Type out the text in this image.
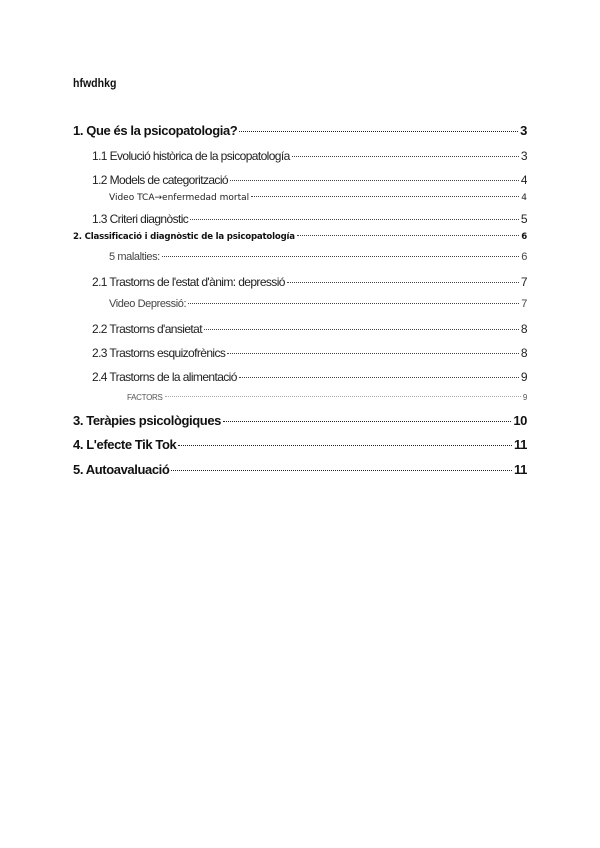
hfwdhkg
1. Que és la psicopatologia?	3
1.1 Evolució històrica de la psicopatología	3
1.2 Models de categorització	4
Video TCA→enfermedad mortal	4
1.3 Criteri diagnòstic	5
2. Classificació i diagnòstic de la psicopatología	6
5 malalties:	6
2.1 Trastorns de l'estat d'ànim: depressió	7
Video Depressió:	7
2.2 Trastorns d'ansietat	8
2.3 Trastorns esquizofrènics	8
2.4 Trastorns de la alimentació	9
FACTORS	9
3. Teràpies psicològiques	10
4. L'efecte Tik Tok	11
5. Autoavaluació	11
